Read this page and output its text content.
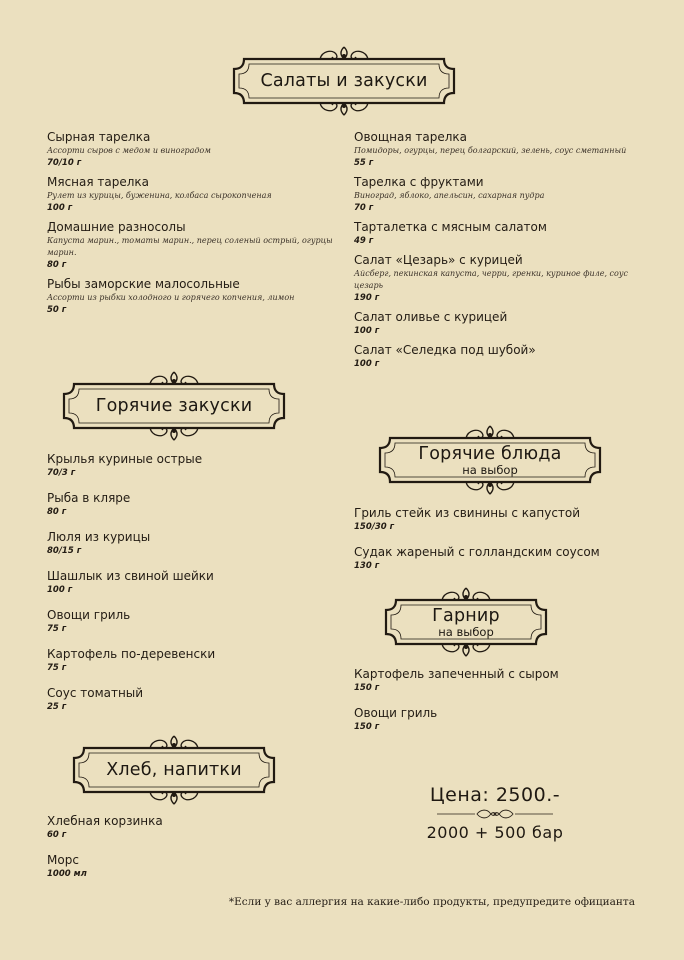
Салаты и закуски
Сырная тарелка
Ассорти сыров с медом и виноградом
70/10 г
Мясная тарелка
Рулет из курицы, буженина, колбаса сырокопченая
100 г
Домашние разносолы
Капуста марин., томаты марин., перец соленый острый, огурцы марин.
80 г
Рыбы заморские малосольные
Ассорти из рыбки холодного и горячего копчения, лимон
50 г
Овощная тарелка
Помидоры, огурцы, перец болгарский, зелень, соус сметанный
55 г
Тарелка с фруктами
Виноград, яблоко, апельсин, сахарная пудра
70 г
Тарталетка с мясным салатом
49 г
Салат «Цезарь» с курицей
Айсберг, пекинская капуста, черри, гренки, куриное филе, соус цезарь
190 г
Салат оливье с курицей
100 г
Салат «Селедка под шубой»
100 г
Горячие закуски
Крылья куриные острые
70/3 г
Рыба в кляре
80 г
Люля из курицы
80/15 г
Шашлык из свиной шейки
100 г
Овощи гриль
75 г
Картофель по-деревенски
75 г
Соус томатный
25 г
Горячие блюда
на выбор
Гриль стейк из свинины с капустой
150/30 г
Судак жареный с голландским соусом
130 г
Гарнир
на выбор
Картофель запеченный с сыром
150 г
Овощи гриль
150 г
Хлеб, напитки
Хлебная корзинка
60 г
Морс
1000 мл
Цена: 2500.-
2000 + 500 бар
*Если у вас аллергия на какие-либо продукты, предупредите официанта
